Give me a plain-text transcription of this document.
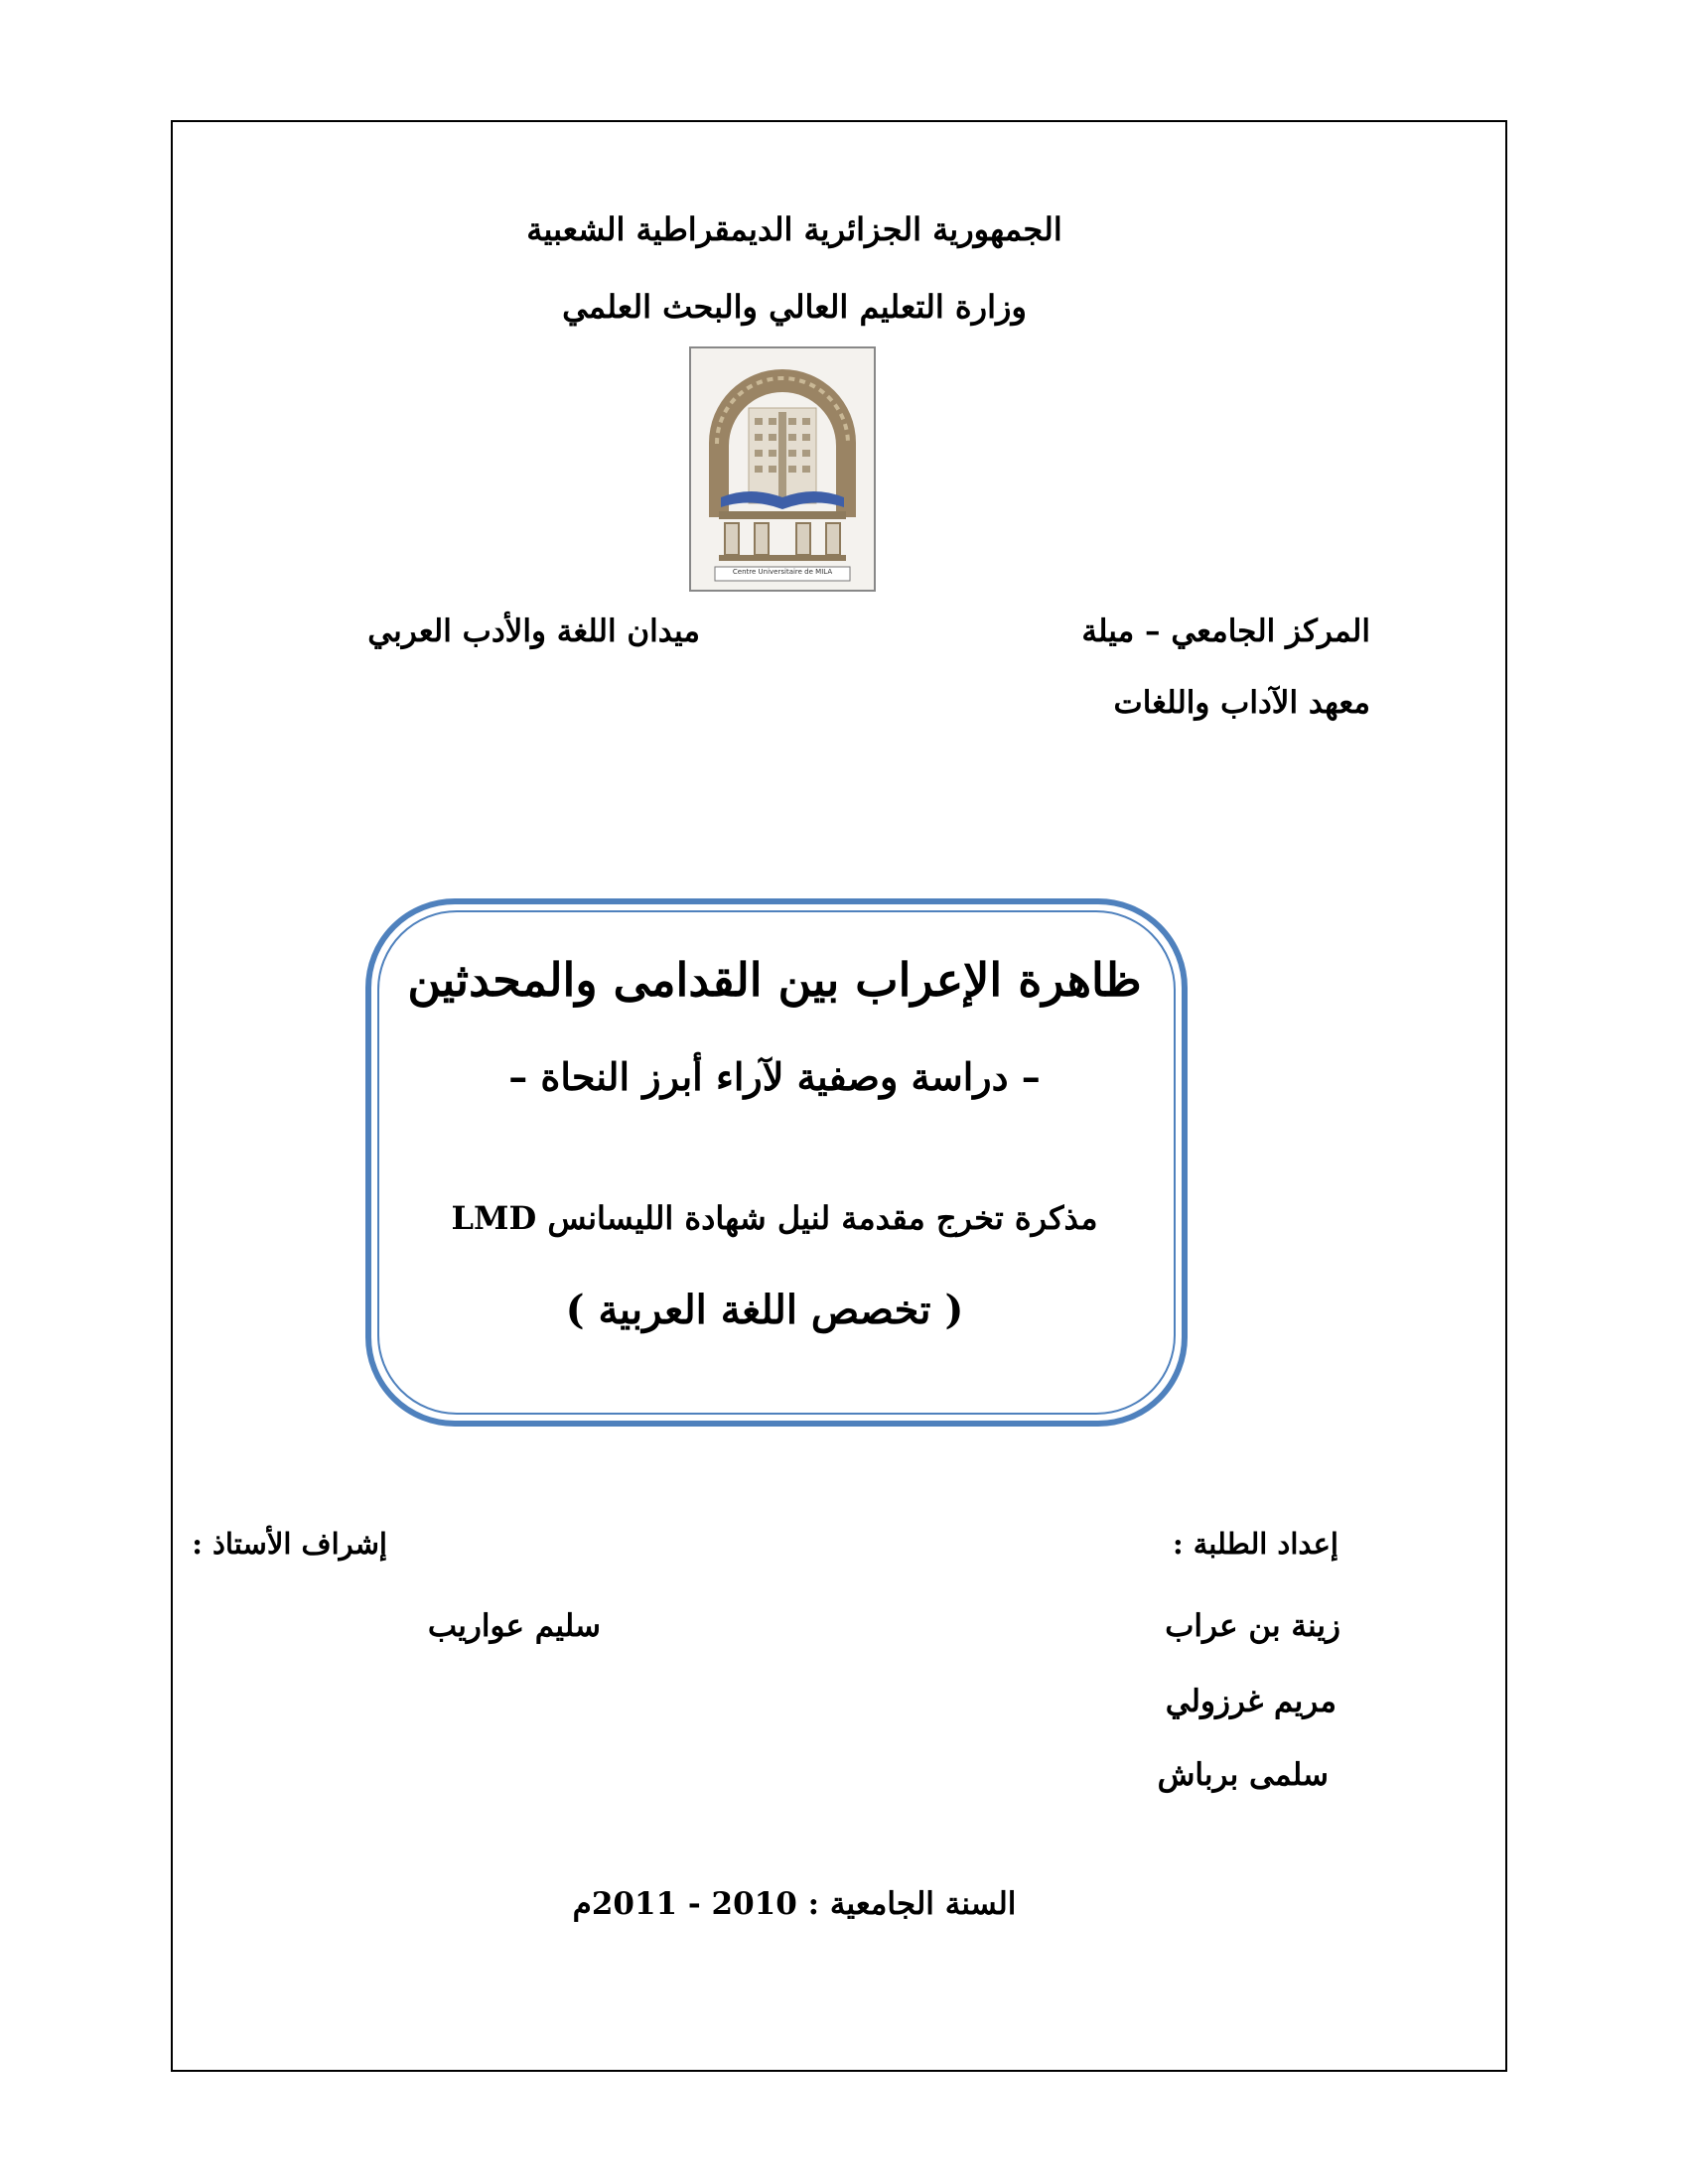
الجمهورية الجزائرية الديمقراطية الشعبية
وزارة التعليم العالي والبحث العلمي
Centre Universitaire de MILA
المركز الجامعي – ميلة
ميدان اللغة والأدب العربي
معهد الآداب واللغات
ظاهرة الإعراب بين القدامى والمحدثين
– دراسة وصفية لآراء أبرز النحاة –
مذكرة تخرج مقدمة لنيل شهادة الليسانس LMD
( تخصص اللغة العربية )
إعداد الطلبة :
زينة بن عراب
مريم غرزولي
سلمى برباش
إشراف الأستاذ :
سليم عواريب
السنة الجامعية : 2010 - 2011م
